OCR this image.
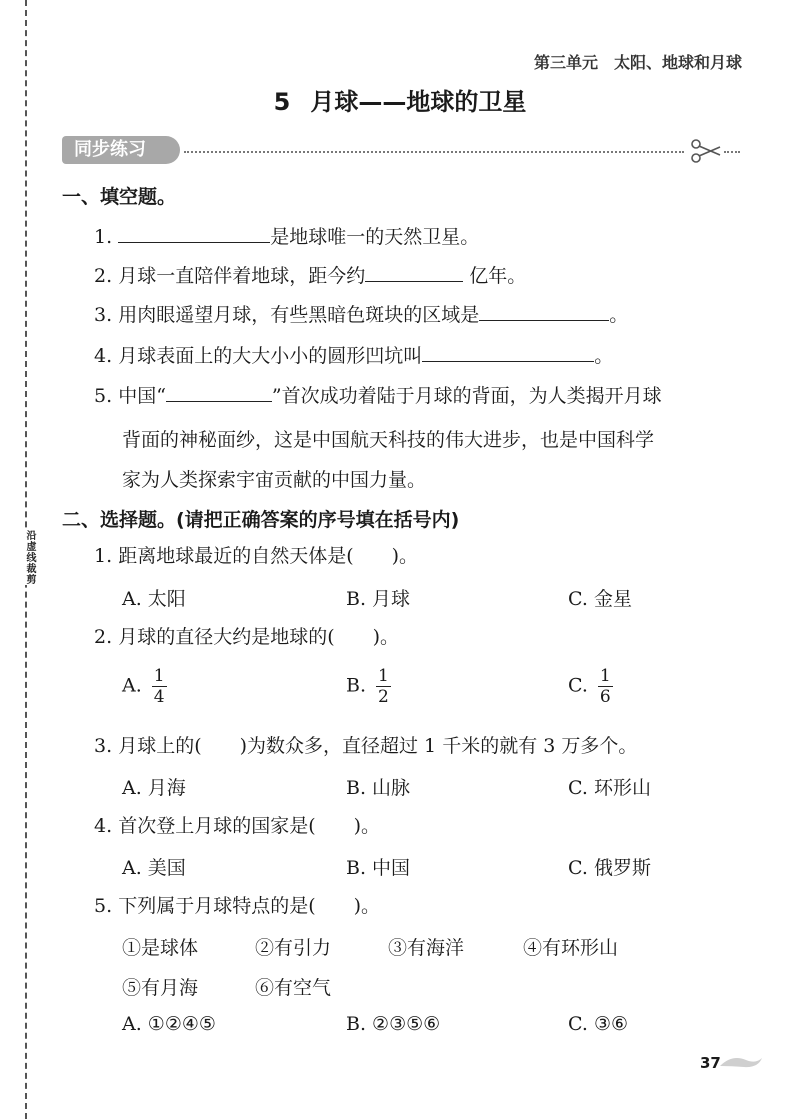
沿虚线裁剪
第三单元 太阳、地球和月球
5 月球——地球的卫星
同步练习
一、填空题。
1.	是地球唯一的天然卫星。
2. 月球一直陪伴着地球，距今约	亿年。
3. 用肉眼遥望月球，有些黑暗色斑块的区域是	。
4. 月球表面上的大大小小的圆形凹坑叫	。
5. 中国“	”首次成功着陆于月球的背面，为人类揭开月球
背面的神秘面纱，这是中国航天科技的伟大进步，也是中国科学
家为人类探索宇宙贡献的中国力量。
二、选择题。(请把正确答案的序号填在括号内)
1. 距离地球最近的自然天体是( )。
A. 太阳	B. 月球	C. 金星
2. 月球的直径大约是地球的( )。
A. $\frac{1}{4}$	B. $\frac{1}{2}$	C. $\frac{1}{6}$
3. 月球上的( )为数众多，直径超过 1 千米的就有 3 万多个。
A. 月海	B. 山脉	C. 环形山
4. 首次登上月球的国家是( )。
A. 美国	B. 中国	C. 俄罗斯
5. 下列属于月球特点的是( )。
①是球体	②有引力	③有海洋	④有环形山
⑤有月海	⑥有空气
A. ①②④⑤	B. ②③⑤⑥	C. ③⑥
37
